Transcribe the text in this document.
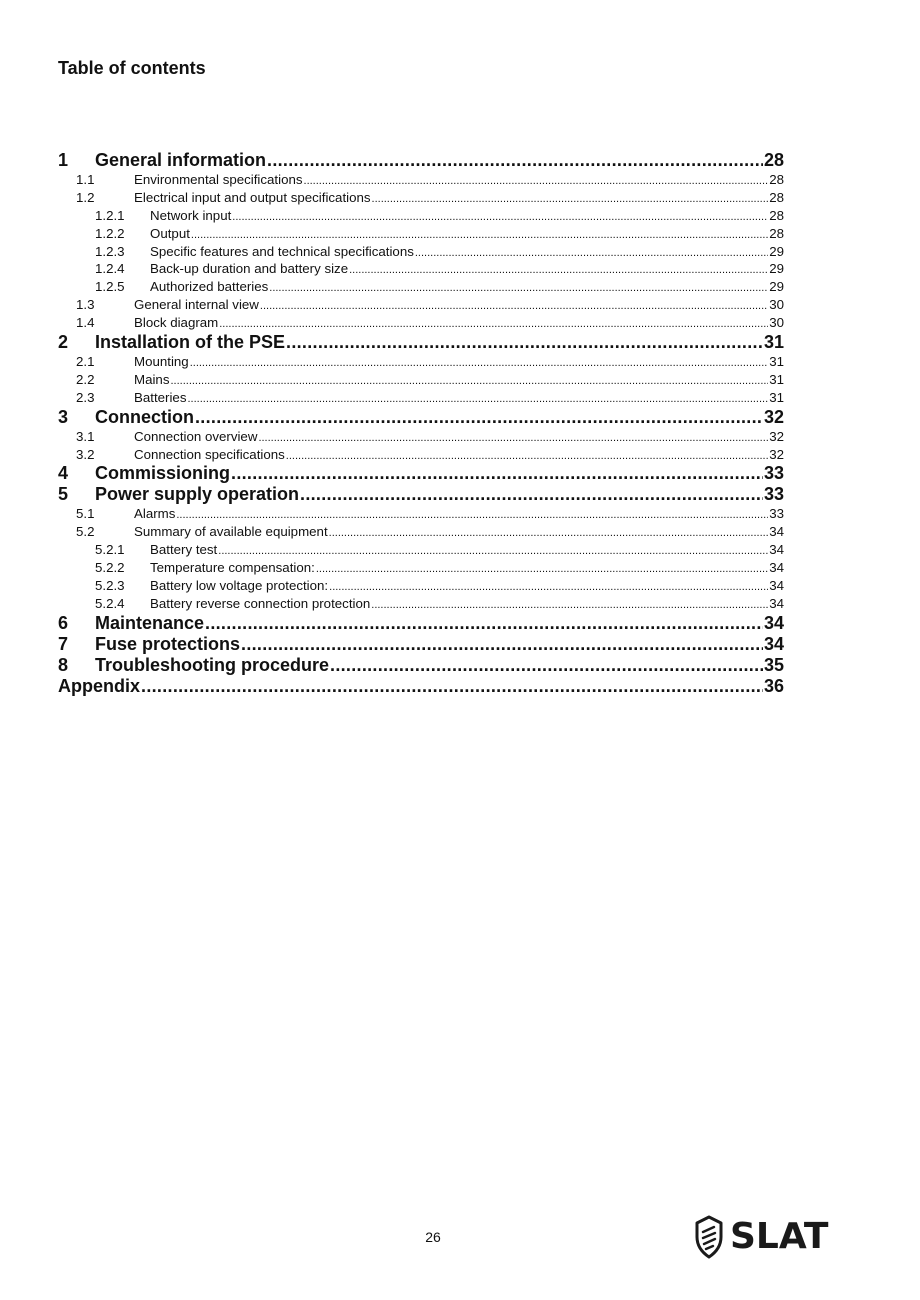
Table of contents
1	General information .....	28
1.1	Environmental specifications .....	28
1.2	Electrical input and output specifications .....	28
1.2.1	Network input .....	28
1.2.2	Output .....	28
1.2.3	Specific features and technical specifications .....	29
1.2.4	Back-up duration and battery size .....	29
1.2.5	Authorized batteries .....	29
1.3	General internal view .....	30
1.4	Block diagram .....	30
2	Installation of the PSE .....	31
2.1	Mounting .....	31
2.2	Mains .....	31
2.3	Batteries .....	31
3	Connection .....	32
3.1	Connection overview .....	32
3.2	Connection specifications .....	32
4	Commissioning .....	33
5	Power supply operation .....	33
5.1	Alarms .....	33
5.2	Summary of available equipment .....	34
5.2.1	Battery test .....	34
5.2.2	Temperature compensation: .....	34
5.2.3	Battery low voltage protection: .....	34
5.2.4	Battery reverse connection protection .....	34
6	Maintenance .....	34
7	Fuse protections .....	34
8	Troubleshooting procedure .....	35
Appendix .....	36
26	SLAT
